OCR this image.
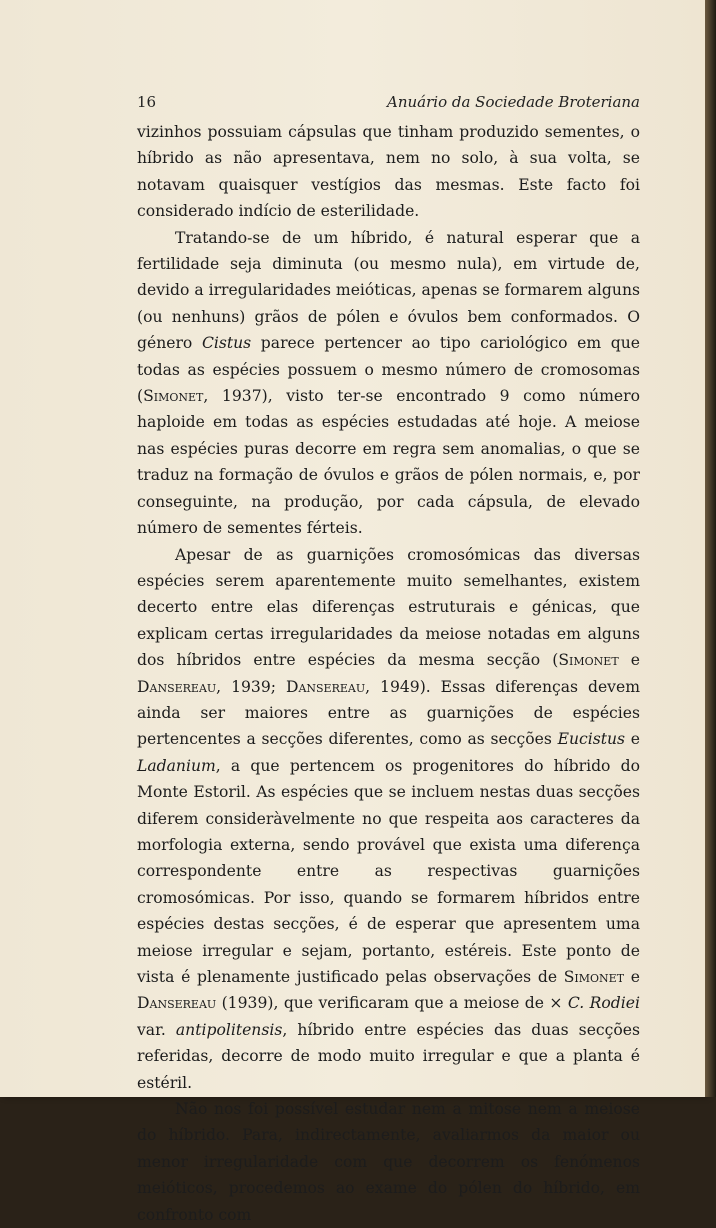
16	Anuário da Sociedade Broteriana

vizinhos possuiam cápsulas que tinham produzido sementes, o híbrido as não apresentava, nem no solo, à sua volta, se notavam quaisquer vestígios das mesmas. Este facto foi considerado indício de esterilidade.

Tratando-se de um híbrido, é natural esperar que a fertilidade seja diminuta (ou mesmo nula), em virtude de, devido a irregularidades meióticas, apenas se formarem alguns (ou nenhuns) grãos de pólen e óvulos bem conformados. O género Cistus parece pertencer ao tipo cariológico em que todas as espécies possuem o mesmo número de cromosomas (Simonet, 1937), visto ter-se encontrado 9 como número haploide em todas as espécies estudadas até hoje. A meiose nas espécies puras decorre em regra sem anomalias, o que se traduz na formação de óvulos e grãos de pólen normais, e, por conseguinte, na produção, por cada cápsula, de elevado número de sementes férteis.

Apesar de as guarnições cromosómicas das diversas espécies serem aparentemente muito semelhantes, existem decerto entre elas diferenças estruturais e génicas, que explicam certas irregularidades da meiose notadas em alguns dos híbridos entre espécies da mesma secção (Simonet e Dansereau, 1939; Dansereau, 1949). Essas diferenças devem ainda ser maiores entre as guarnições de espécies pertencentes a secções diferentes, como as secções Eucistus e Ladanium, a que pertencem os progenitores do híbrido do Monte Estoril. As espécies que se incluem nestas duas secções diferem consideràvelmente no que respeita aos caracteres da morfologia externa, sendo provável que exista uma diferença correspondente entre as respectivas guarnições cromosómicas. Por isso, quando se formarem híbridos entre espécies destas secções, é de esperar que apresentem uma meiose irregular e sejam, portanto, estéreis. Este ponto de vista é plenamente justificado pelas observações de Simonet e Dansereau (1939), que verificaram que a meiose de × C. Rodiei var. antipolitensis, híbrido entre espécies das duas secções referidas, decorre de modo muito irregular e que a planta é estéril.

Não nos foi possível estudar nem a mitose nem a meiose do híbrido. Para, indirectamente, avaliarmos da maior ou menor irregularidade com que decorrem os fenómenos meióticos, procedemos ao exame do pólen do híbrido, em confronto com
